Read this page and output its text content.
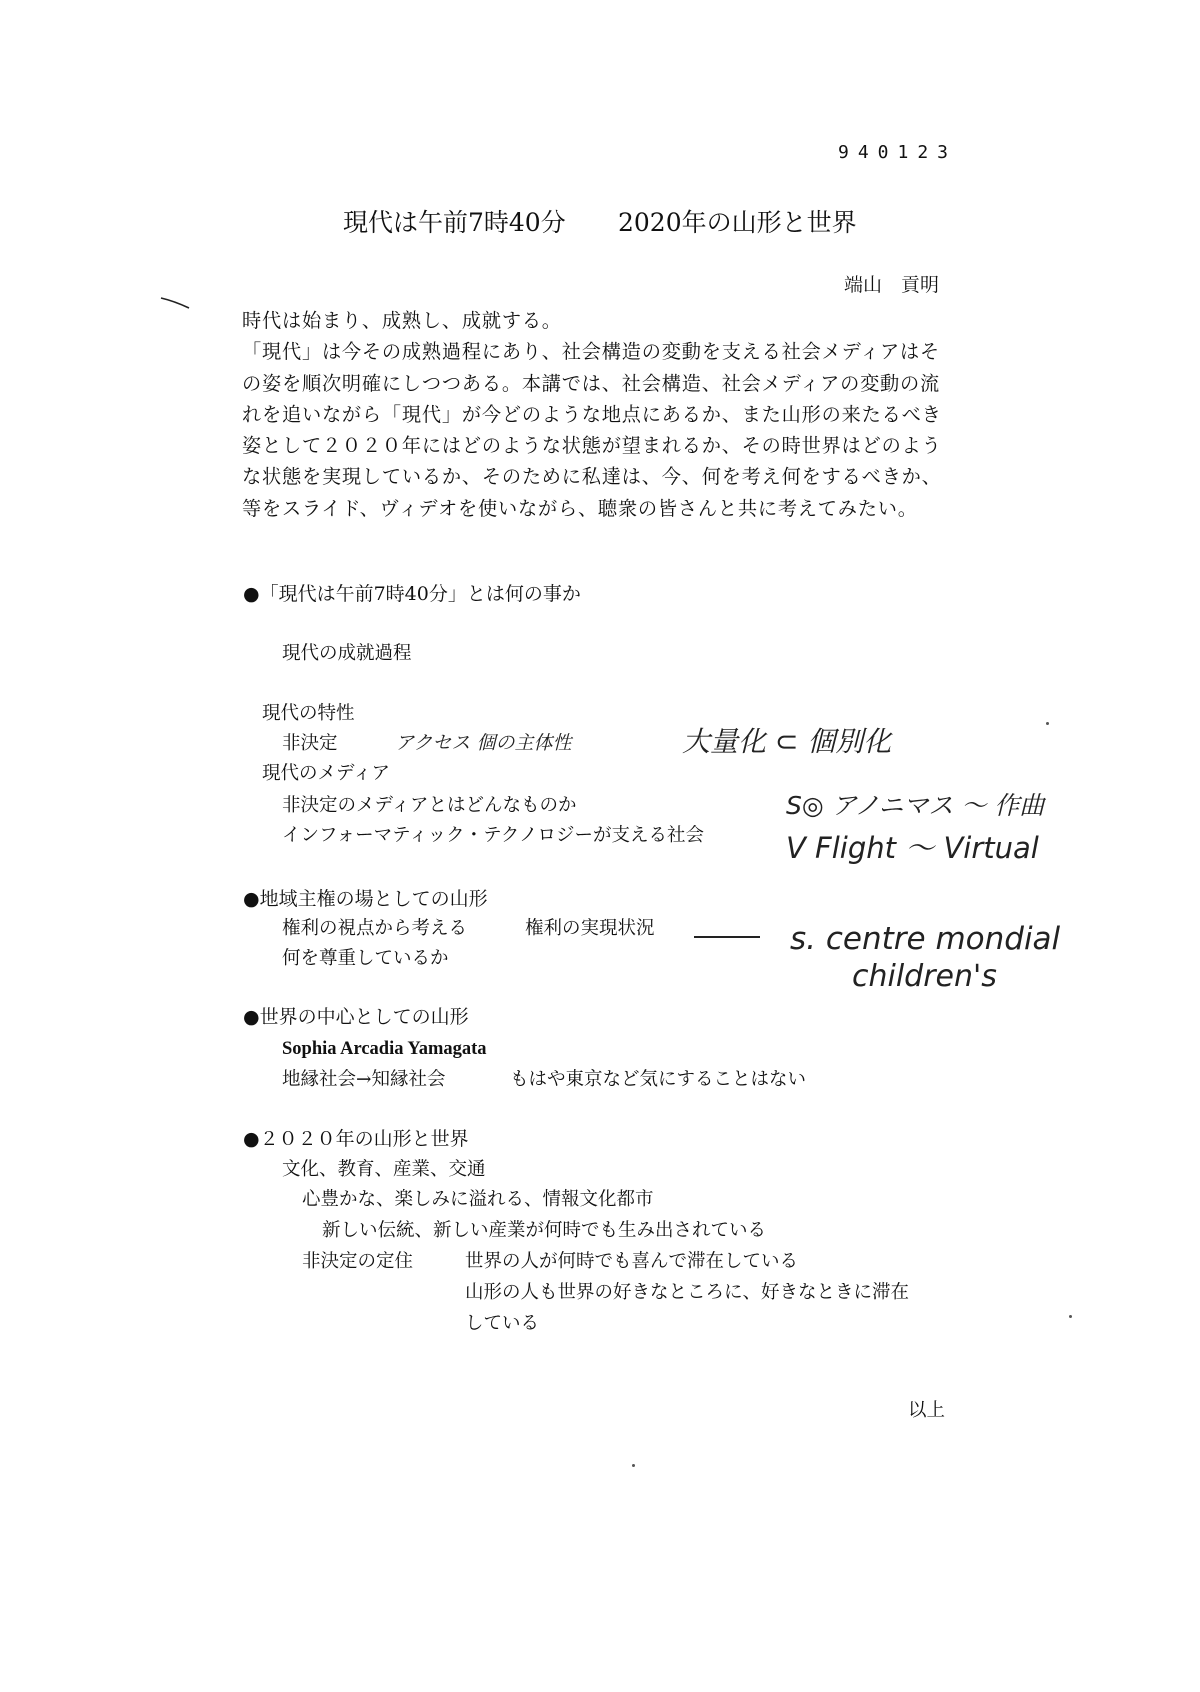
940123
現代は午前7時40分 2020年の山形と世界
端山　貢明
時代は始まり、成熟し、成就する。
「現代」は今その成熟過程にあり、社会構造の変動を支える社会メディアはそ
の姿を順次明確にしつつある。本講では、社会構造、社会メディアの変動の流
れを追いながら「現代」が今どのような地点にあるか、また山形の来たるべき
姿として２０２０年にはどのような状態が望まれるか、その時世界はどのよう
な状態を実現しているか、そのために私達は、今、何を考え何をするべきか、
等をスライド、ヴィデオを使いながら、聴衆の皆さんと共に考えてみたい。
●「現代は午前7時40分」とは何の事か
現代の成就過程
現代の特性
非決定
現代のメディア
非決定のメディアとはどんなものか
インフォーマティック・テクノロジーが支える社会
アクセス 個の主体性	大量化 ⊂ 個別化
S◎ アノニマス ～ 作曲
V Flight ～ Virtual
●地域主権の場としての山形
権利の視点から考える	権利の実現状況
何を尊重しているか
s. centre mondial
children's
●世界の中心としての山形
Sophia Arcadia Yamagata
地縁社会→知縁社会	もはや東京など気にすることはない
●２０２０年の山形と世界
文化、教育、産業、交通
心豊かな、楽しみに溢れる、情報文化都市
新しい伝統、新しい産業が何時でも生み出されている
非決定の定住	世界の人が何時でも喜んで滞在している
山形の人も世界の好きなところに、好きなときに滞在
している
以上
